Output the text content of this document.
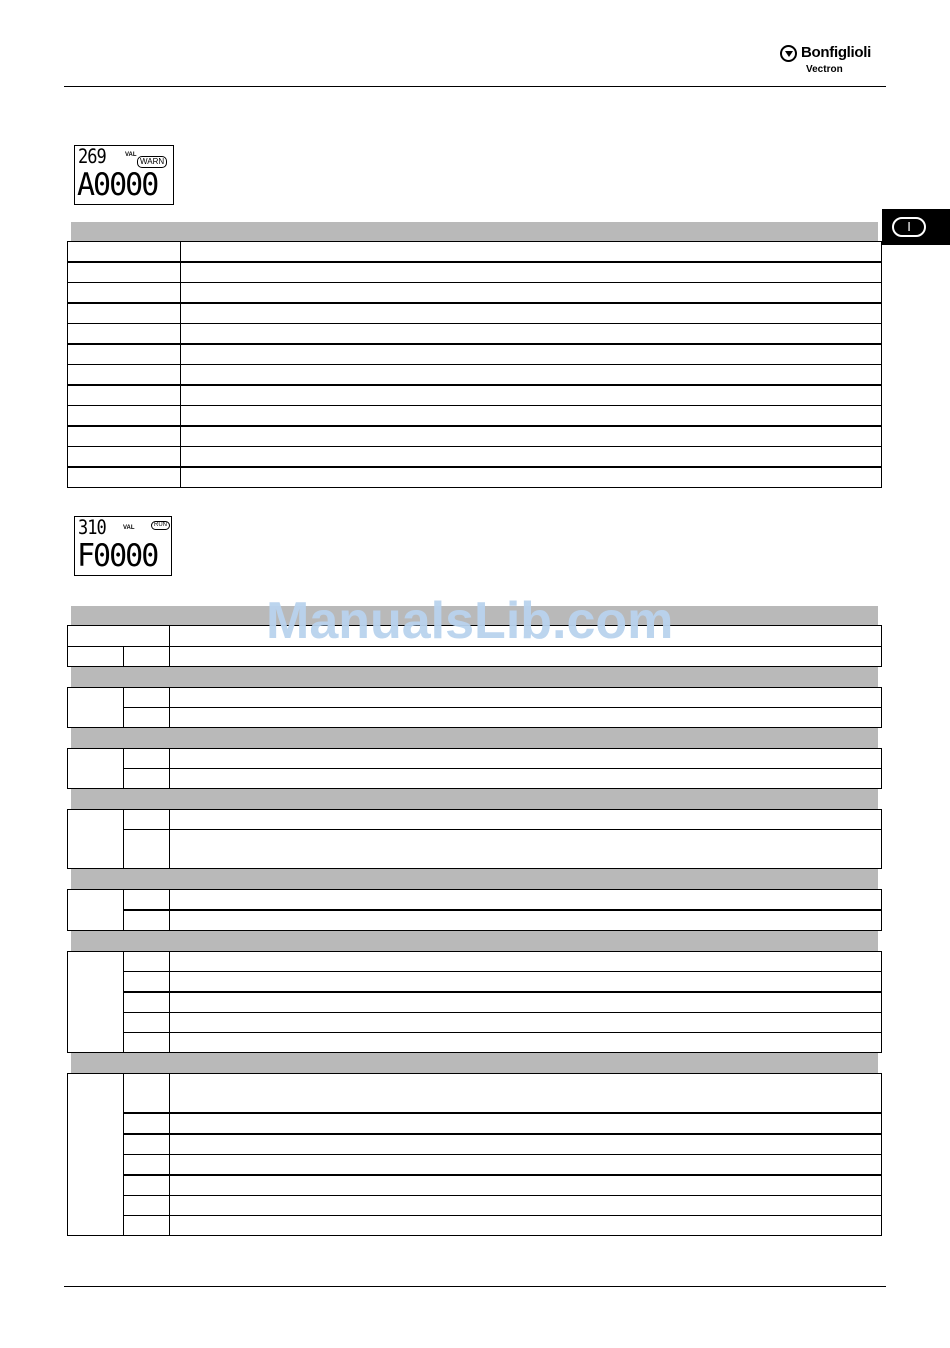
Bonfiglioli
Vectron
I
269	VAL
WARN
A0000
310	VAL	RUN
F0000
ManualsLib.com
